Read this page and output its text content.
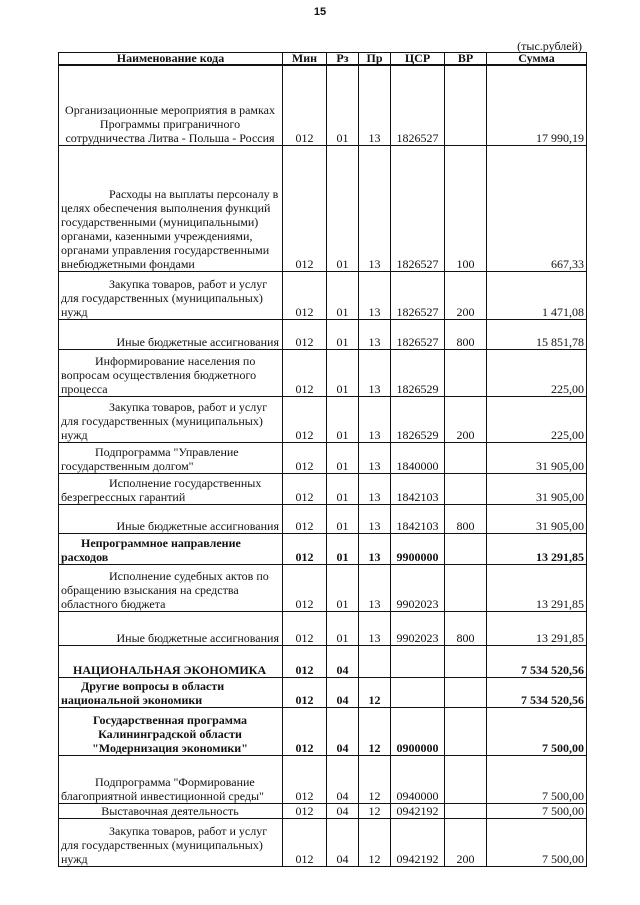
15
(тыс.рублей)
Наименование кода	Мин	Рз	Пр	ЦСР	ВР	Сумма
Организационные мероприятия в рамках Программы приграничного сотрудничества Литва - Польша - Россия	012	01	13	1826527		17 990,19
Расходы на выплаты персоналу в целях обеспечения выполнения функций государственными (муниципальными) органами, казенными учреждениями, органами управления государственными внебюджетными фондами	012	01	13	1826527	100	667,33
Закупка товаров, работ и услуг для государственных (муниципальных) нужд	012	01	13	1826527	200	1 471,08
Иные бюджетные ассигнования	012	01	13	1826527	800	15 851,78
Информирование населения по вопросам осуществления бюджетного процесса	012	01	13	1826529		225,00
Закупка товаров, работ и услуг для государственных (муниципальных) нужд	012	01	13	1826529	200	225,00
Подпрограмма "Управление государственным долгом"	012	01	13	1840000		31 905,00
Исполнение государственных безрегрессных гарантий	012	01	13	1842103		31 905,00
Иные бюджетные ассигнования	012	01	13	1842103	800	31 905,00
Непрограммное направление расходов	012	01	13	9900000		13 291,85
Исполнение судебных актов по обращению взыскания на средства областного бюджета	012	01	13	9902023		13 291,85
Иные бюджетные ассигнования	012	01	13	9902023	800	13 291,85
НАЦИОНАЛЬНАЯ ЭКОНОМИКА	012	04				7 534 520,56
Другие вопросы в области национальной экономики	012	04	12			7 534 520,56
Государственная программа Калининградской области "Модернизация экономики"	012	04	12	0900000		7 500,00
Подпрограмма "Формирование благоприятной инвестиционной среды"	012	04	12	0940000		7 500,00
Выставочная деятельность	012	04	12	0942192		7 500,00
Закупка товаров, работ и услуг для государственных (муниципальных) нужд	012	04	12	0942192	200	7 500,00
